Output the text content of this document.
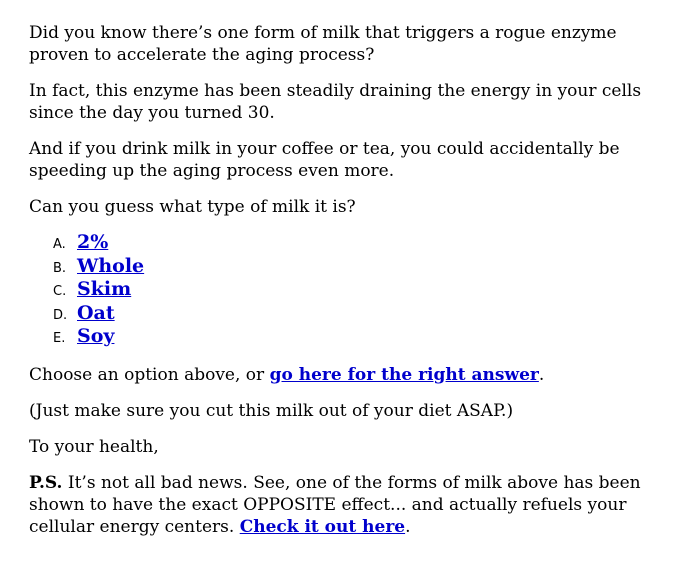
Did you know there’s one form of milk that triggers a rogue enzyme proven to accelerate the aging process?

In fact, this enzyme has been steadily draining the energy in your cells since the day you turned 30.

And if you drink milk in your coffee or tea, you could accidentally be speeding up the aging process even more.

Can you guess what type of milk it is?

A. 2%
B. Whole
C. Skim
D. Oat
E. Soy

Choose an option above, or go here for the right answer.

(Just make sure you cut this milk out of your diet ASAP.)

To your health,

P.S. It’s not all bad news. See, one of the forms of milk above has been shown to have the exact OPPOSITE effect... and actually refuels your cellular energy centers. Check it out here.
